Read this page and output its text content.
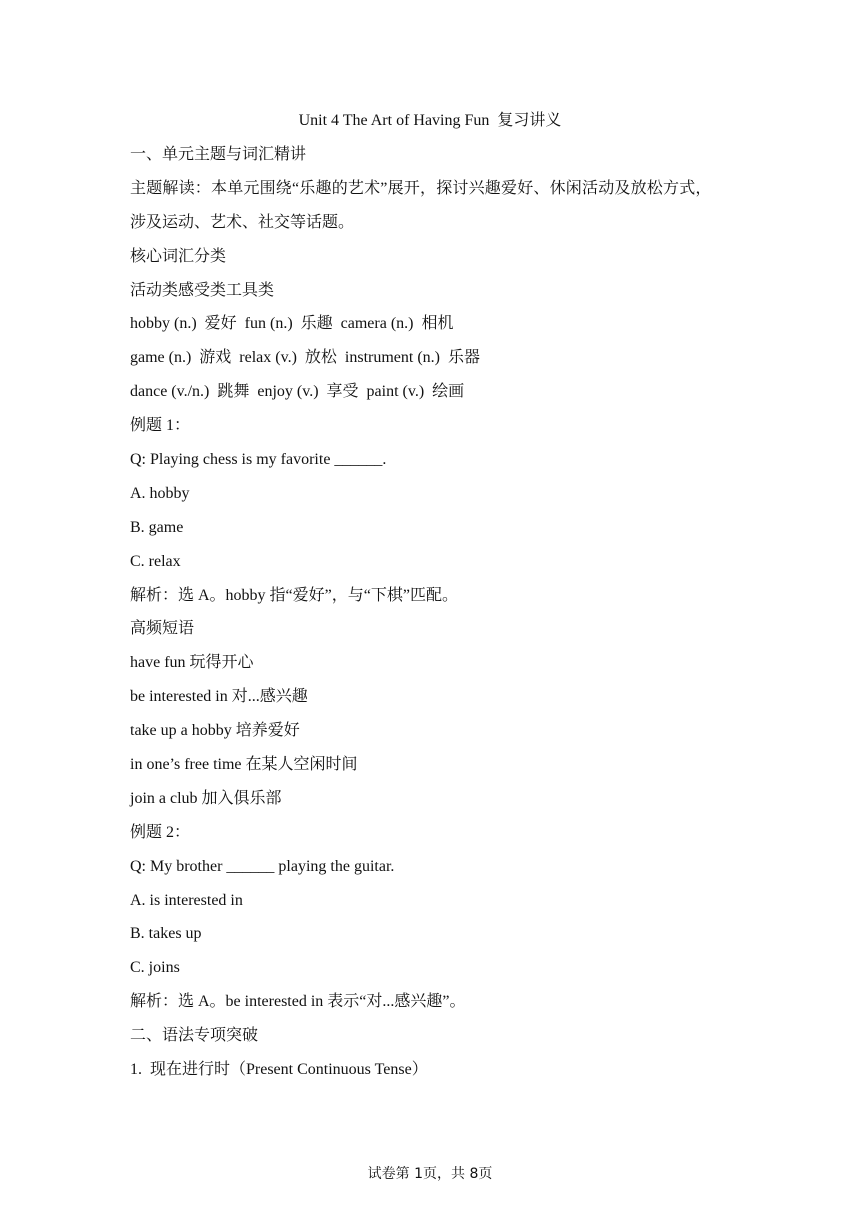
Unit 4 The Art of Having Fun  复习讲义
一、单元主题与词汇精讲
主题解读：本单元围绕“乐趣的艺术”展开，探讨兴趣爱好、休闲活动及放松方式，
涉及运动、艺术、社交等话题。
核心词汇分类
活动类感受类工具类
hobby (n.)  爱好  fun (n.)  乐趣  camera (n.)  相机
game (n.)  游戏  relax (v.)  放松  instrument (n.)  乐器
dance (v./n.)  跳舞  enjoy (v.)  享受  paint (v.)  绘画
例题 1：
Q: Playing chess is my favorite ______.
A. hobby
B. game
C. relax
解析：选 A。hobby 指“爱好”，与“下棋”匹配。
高频短语
have fun 玩得开心
be interested in 对...感兴趣
take up a hobby 培养爱好
in one’s free time 在某人空闲时间
join a club 加入俱乐部
例题 2：
Q: My brother ______ playing the guitar.
A. is interested in
B. takes up
C. joins
解析：选 A。be interested in 表示“对...感兴趣”。
二、语法专项突破
1.  现在进行时（Present Continuous Tense）
试卷第 1页，共 8页
